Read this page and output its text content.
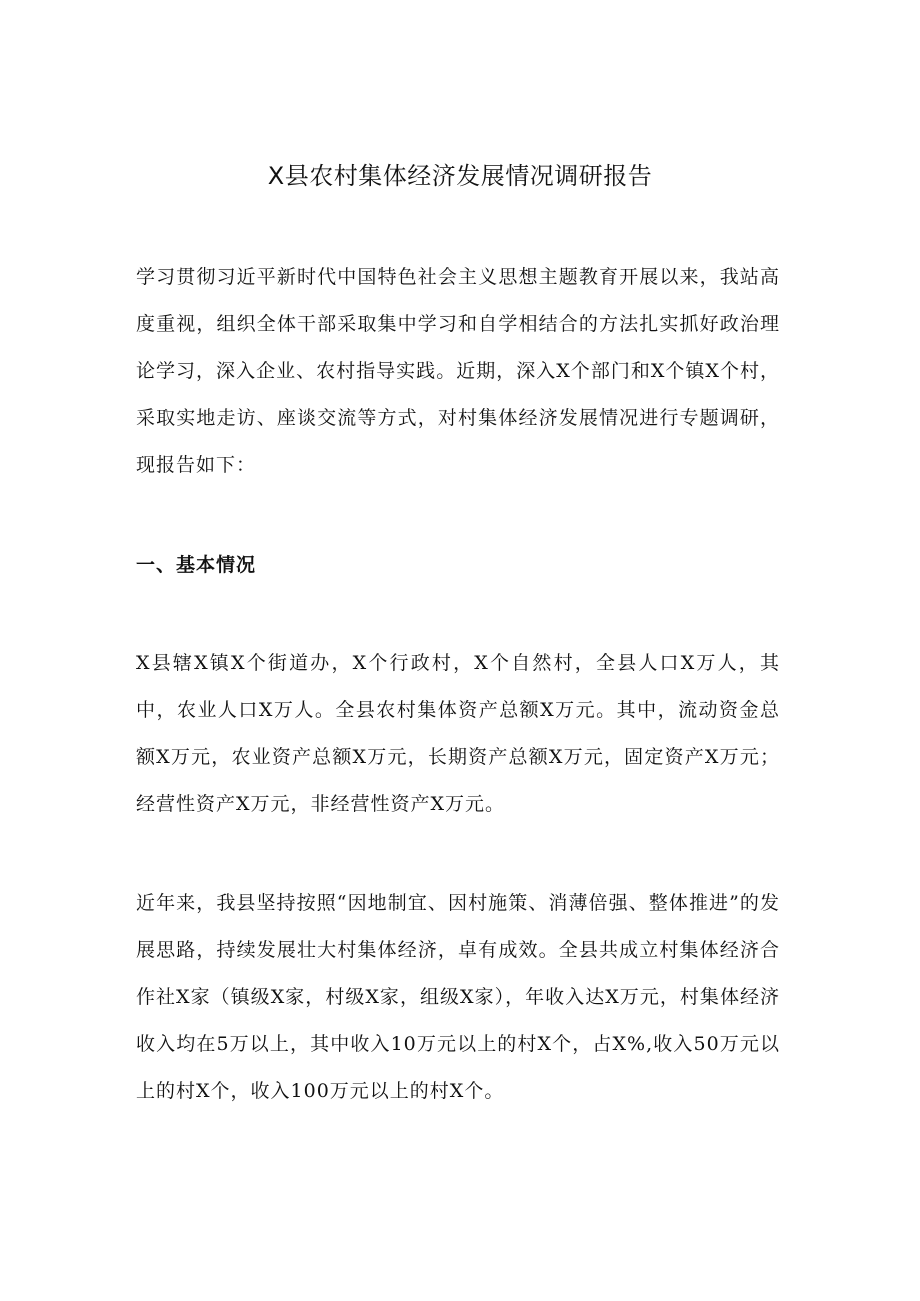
X县农村集体经济发展情况调研报告

学习贯彻习近平新时代中国特色社会主义思想主题教育开展以来，我站高度重视，组织全体干部采取集中学习和自学相结合的方法扎实抓好政治理论学习，深入企业、农村指导实践。近期，深入X个部门和X个镇X个村，采取实地走访、座谈交流等方式，对村集体经济发展情况进行专题调研，现报告如下：

一、基本情况

X县辖X镇X个街道办，X个行政村，X个自然村，全县人口X万人，其中，农业人口X万人。全县农村集体资产总额X万元。其中，流动资金总额X万元，农业资产总额X万元，长期资产总额X万元，固定资产X万元；经营性资产X万元，非经营性资产X万元。

近年来，我县坚持按照“因地制宜、因村施策、消薄倍强、整体推进”的发展思路，持续发展壮大村集体经济，卓有成效。全县共成立村集体经济合作社X家（镇级X家，村级X家，组级X家），年收入达X万元，村集体经济收入均在5万以上，其中收入10万元以上的村X个，占X%,收入50万元以上的村X个，收入100万元以上的村X个。
